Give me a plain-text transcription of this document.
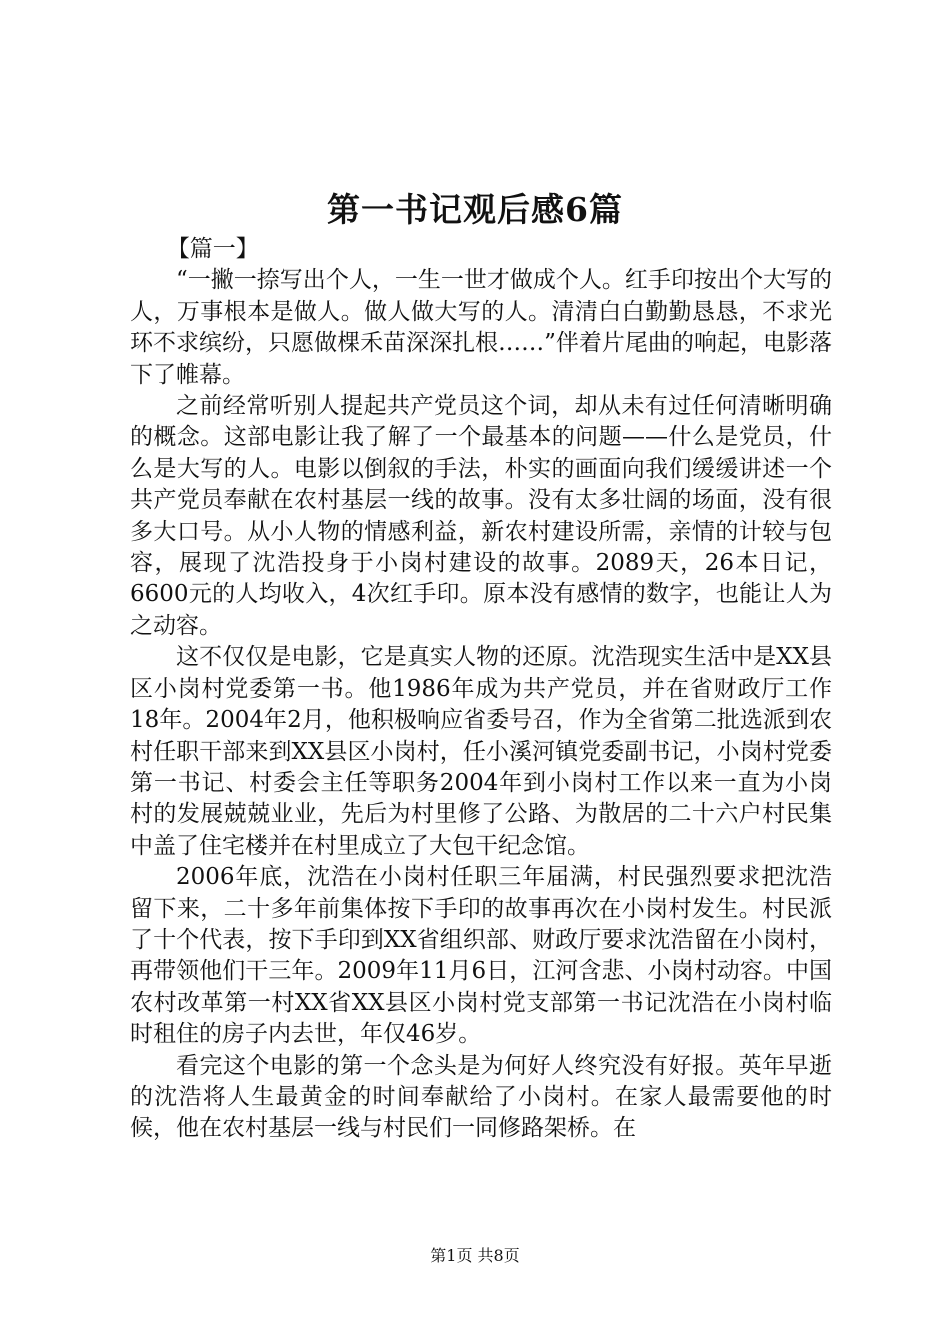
第一书记观后感6篇

【篇一】

“一撇一捺写出个人，一生一世才做成个人。红手印按出个大写的人，万事根本是做人。做人做大写的人。清清白白勤勤恳恳，不求光环不求缤纷，只愿做棵禾苗深深扎根……”伴着片尾曲的响起，电影落下了帷幕。

之前经常听别人提起共产党员这个词，却从未有过任何清晰明确的概念。这部电影让我了解了一个最基本的问题——什么是党员，什么是大写的人。电影以倒叙的手法，朴实的画面向我们缓缓讲述一个共产党员奉献在农村基层一线的故事。没有太多壮阔的场面，没有很多大口号。从小人物的情感利益，新农村建设所需，亲情的计较与包容，展现了沈浩投身于小岗村建设的故事。2089天，26本日记，6600元的人均收入，4次红手印。原本没有感情的数字，也能让人为之动容。

这不仅仅是电影，它是真实人物的还原。沈浩现实生活中是XX县区小岗村党委第一书。他1986年成为共产党员，并在省财政厅工作18年。2004年2月，他积极响应省委号召，作为全省第二批选派到农村任职干部来到XX县区小岗村，任小溪河镇党委副书记，小岗村党委第一书记、村委会主任等职务2004年到小岗村工作以来一直为小岗村的发展兢兢业业，先后为村里修了公路、为散居的二十六户村民集中盖了住宅楼并在村里成立了大包干纪念馆。

2006年底，沈浩在小岗村任职三年届满，村民强烈要求把沈浩留下来，二十多年前集体按下手印的故事再次在小岗村发生。村民派了十个代表，按下手印到XX省组织部、财政厅要求沈浩留在小岗村，再带领他们干三年。2009年11月6日，江河含悲、小岗村动容。中国农村改革第一村XX省XX县区小岗村党支部第一书记沈浩在小岗村临时租住的房子内去世，年仅46岁。

看完这个电影的第一个念头是为何好人终究没有好报。英年早逝的沈浩将人生最黄金的时间奉献给了小岗村。在家人最需要他的时候，他在农村基层一线与村民们一同修路架桥。在

第1页 共8页
